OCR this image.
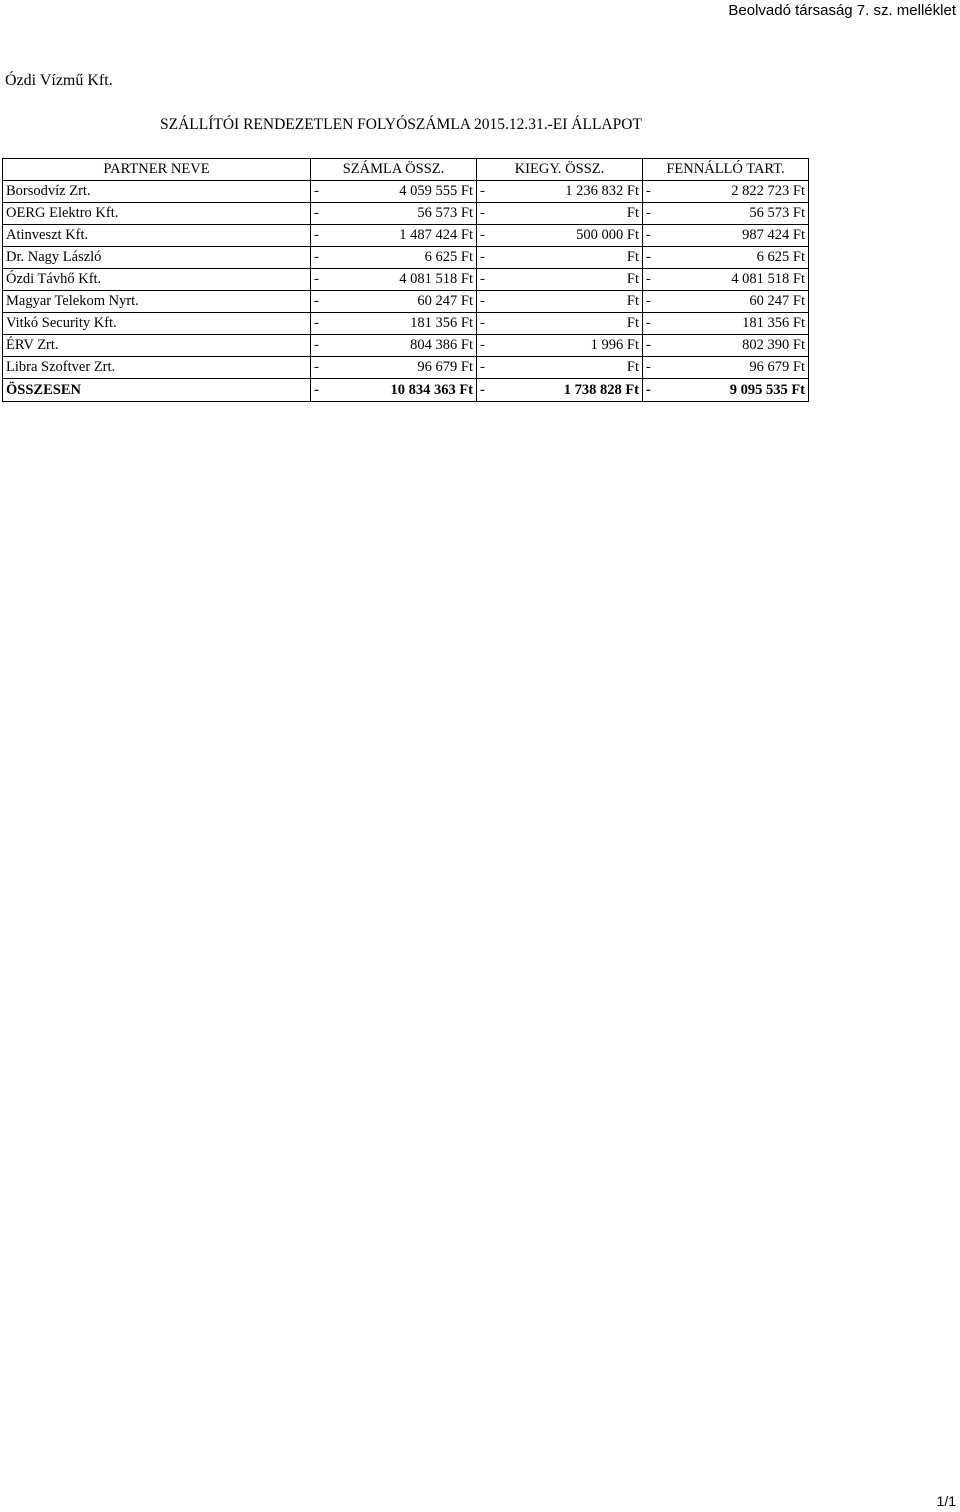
Beolvadó társaság 7. sz. melléklet
Ózdi Vízmű Kft.
SZÁLLÍTÓI RENDEZETLEN FOLYÓSZÁMLA 2015.12.31.-EI ÁLLAPOT
PARTNER NEVE	SZÁMLA ÖSSZ.	KIEGY. ÖSSZ.	FENNÁLLÓ TART.
Borsodvíz Zrt.	- 4 059 555 Ft	- 1 236 832 Ft	- 2 822 723 Ft

OERG Elektro Kft.	- 56 573 Ft	- Ft	- 56 573 Ft

Atinveszt Kft.	- 1 487 424 Ft	- 500 000 Ft	- 987 424 Ft

Dr. Nagy László	- 6 625 Ft	- Ft	- 6 625 Ft

Ózdi Távhő Kft.	- 4 081 518 Ft	- Ft	- 4 081 518 Ft

Magyar Telekom Nyrt.	- 60 247 Ft	- Ft	- 60 247 Ft

Vitkó Security Kft.	- 181 356 Ft	- Ft	- 181 356 Ft

ÉRV Zrt.	- 804 386 Ft	- 1 996 Ft	- 802 390 Ft

Libra Szoftver Zrt.	- 96 679 Ft	- Ft	- 96 679 Ft

ÖSSZESEN	- 10 834 363 Ft	- 1 738 828 Ft	- 9 095 535 Ft
1/1
